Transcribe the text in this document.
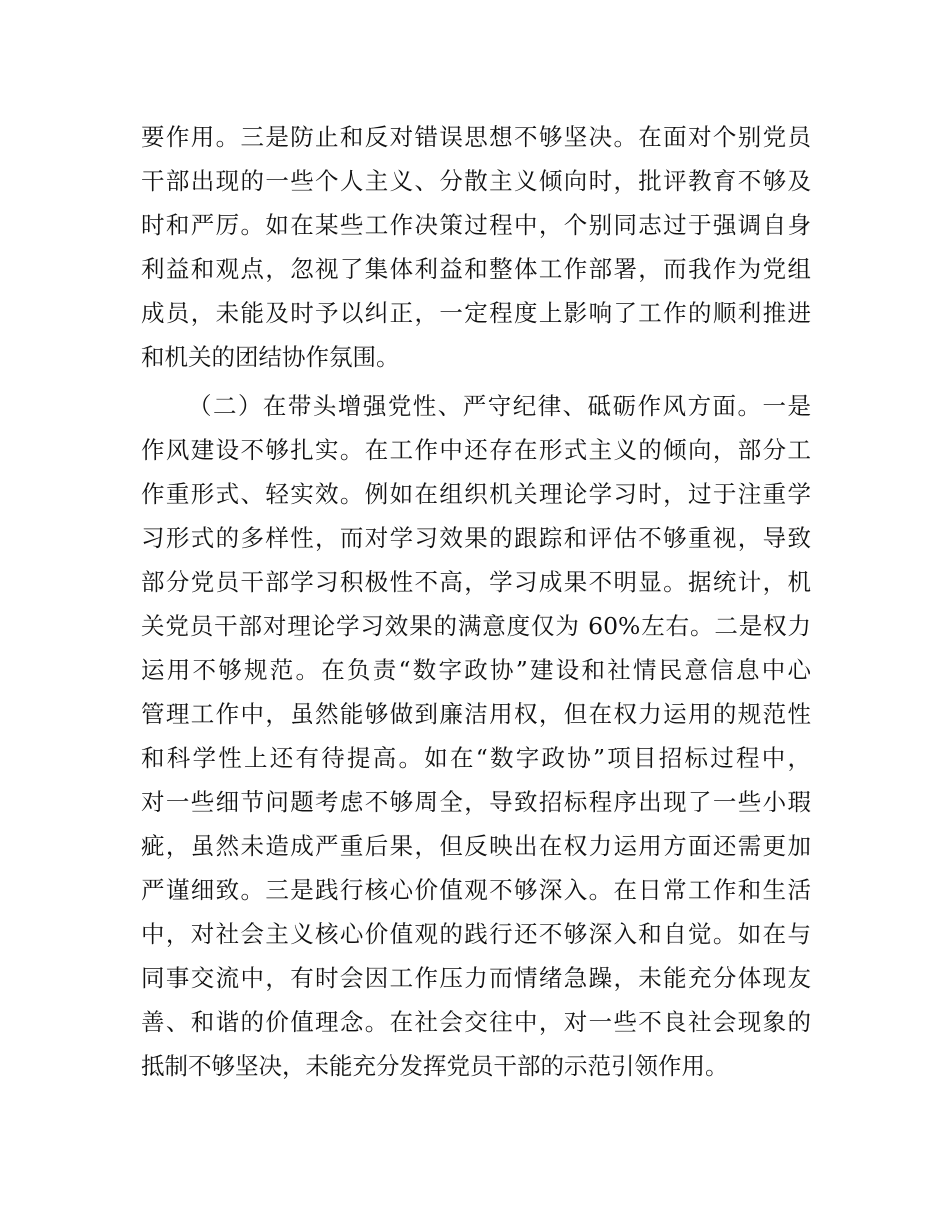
要作用。三是防止和反对错误思想不够坚决。在面对个别党员
干部出现的一些个人主义、分散主义倾向时，批评教育不够及
时和严厉。如在某些工作决策过程中，个别同志过于强调自身
利益和观点，忽视了集体利益和整体工作部署，而我作为党组
成员，未能及时予以纠正，一定程度上影响了工作的顺利推进
和机关的团结协作氛围。
（二）在带头增强党性、严守纪律、砥砺作风方面。一是
作风建设不够扎实。在工作中还存在形式主义的倾向，部分工
作重形式、轻实效。例如在组织机关理论学习时，过于注重学
习形式的多样性，而对学习效果的跟踪和评估不够重视，导致
部分党员干部学习积极性不高，学习成果不明显。据统计，机
关党员干部对理论学习效果的满意度仅为 60%左右。二是权力
运用不够规范。在负责“数字政协”建设和社情民意信息中心
管理工作中，虽然能够做到廉洁用权，但在权力运用的规范性
和科学性上还有待提高。如在“数字政协”项目招标过程中，
对一些细节问题考虑不够周全，导致招标程序出现了一些小瑕
疵，虽然未造成严重后果，但反映出在权力运用方面还需更加
严谨细致。三是践行核心价值观不够深入。在日常工作和生活
中，对社会主义核心价值观的践行还不够深入和自觉。如在与
同事交流中，有时会因工作压力而情绪急躁，未能充分体现友
善、和谐的价值理念。在社会交往中，对一些不良社会现象的
抵制不够坚决，未能充分发挥党员干部的示范引领作用。
